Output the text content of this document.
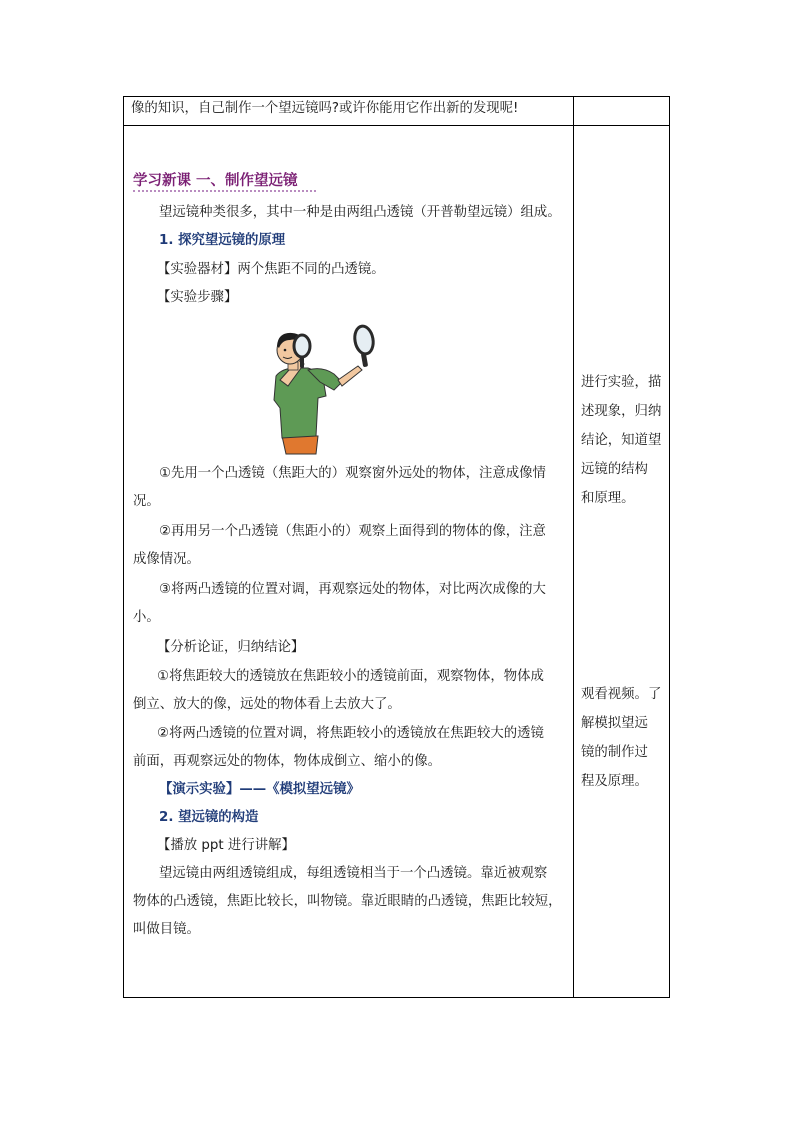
像的知识，自己制作一个望远镜吗?或许你能用它作出新的发现呢!
学习新课 一、制作望远镜
望远镜种类很多，其中一种是由两组凸透镜（开普勒望远镜）组成。
1. 探究望远镜的原理
【实验器材】两个焦距不同的凸透镜。
【实验步骤】
①先用一个凸透镜（焦距大的）观察窗外远处的物体，注意成像情
况。
②再用另一个凸透镜（焦距小的）观察上面得到的物体的像，注意
成像情况。
③将两凸透镜的位置对调，再观察远处的物体，对比两次成像的大
小。
【分析论证，归纳结论】
①将焦距较大的透镜放在焦距较小的透镜前面，观察物体，物体成
倒立、放大的像，远处的物体看上去放大了。
②将两凸透镜的位置对调，将焦距较小的透镜放在焦距较大的透镜
前面，再观察远处的物体，物体成倒立、缩小的像。
【演示实验】——《模拟望远镜》
2. 望远镜的构造
【播放 ppt 进行讲解】
望远镜由两组透镜组成，每组透镜相当于一个凸透镜。靠近被观察
物体的凸透镜，焦距比较长，叫物镜。靠近眼睛的凸透镜，焦距比较短，
叫做目镜。
进行实验，描
述现象，归纳
结论，知道望
远镜的结构
和原理。
观看视频。了
解模拟望远
镜的制作过
程及原理。
